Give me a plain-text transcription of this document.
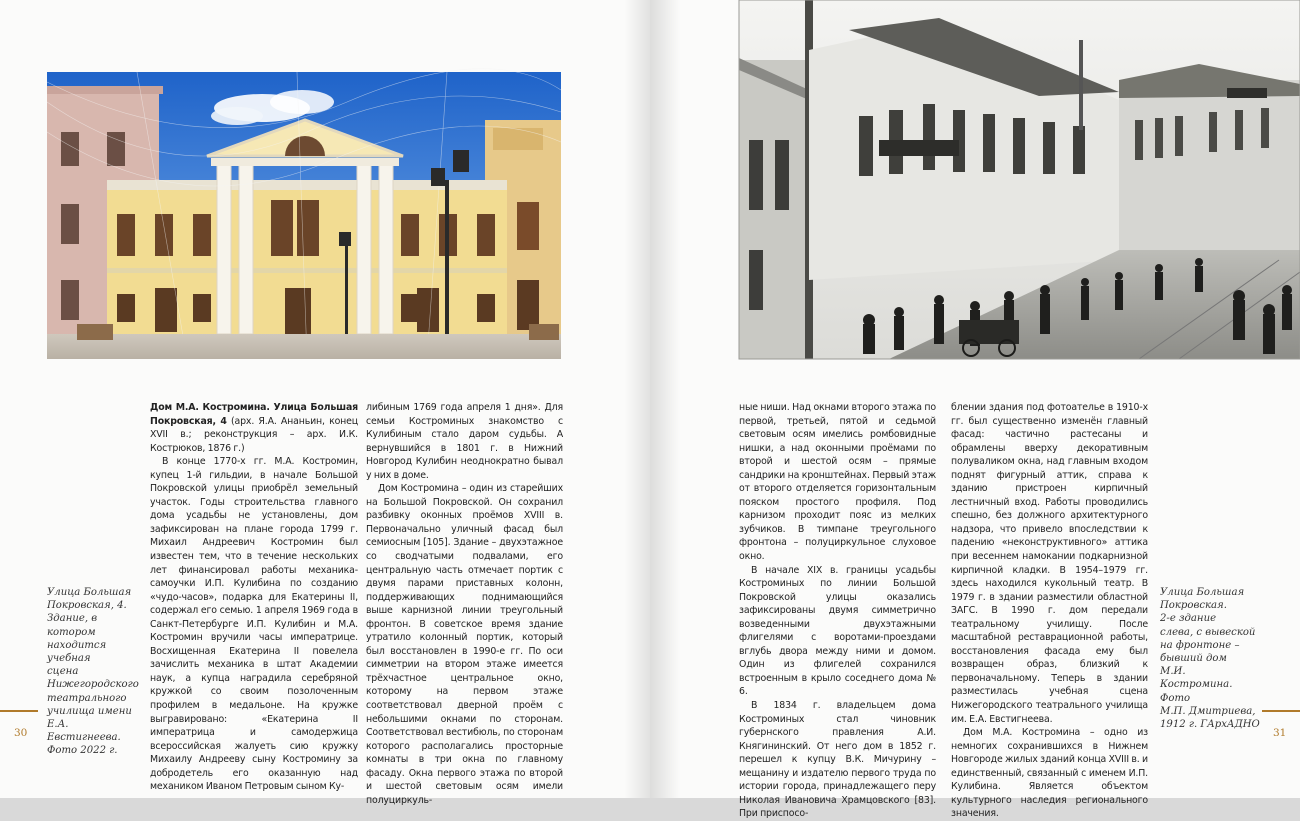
Улица Большая
Покровская, 4.
Здание, в котором
находится учебная
сцена
Нижегородского
театрального
училища имени
Е.А. Евстигнеева.
Фото 2022 г.

Дом М.А. Костромина. Улица Большая Покровская, 4 (арх. Я.А. Ананьин, конец XVII в.; реконструкция – арх. И.К. Кострюков, 1876 г.)

В конце 1770-х гг. М.А. Костромин, купец 1-й гильдии, в начале Большой Покровской улицы приобрёл земельный участок. Годы строительства главного дома усадьбы не установлены, дом зафиксирован на плане города 1799 г. Михаил Андреевич Костромин был известен тем, что в течение нескольких лет финансировал работы механика-самоучки И.П. Кулибина по созданию «чудо-часов», подарка для Екатерины II, содержал его семью. 1 апреля 1969 года в Санкт-Петербурге И.П. Кулибин и М.А. Костромин вручили часы императрице. Восхищенная Екатерина II повелела зачислить механика в штат Академии наук, а купца наградила серебряной кружкой со своим позолоченным профилем в медальоне. На кружке выгравировано: «Екатерина II императрица и самодержица всероссийская жалуеть сию кружку Михаилу Андрееву сыну Костромину за добродетель его оказанную над механиком Иваном Петровым сыном Ку-

либиным 1769 года апреля 1 дня». Для семьи Костроминых знакомство с Кулибиным стало даром судьбы. А вернувшийся в 1801 г. в Нижний Новгород Кулибин неоднократно бывал у них в доме.

Дом Костромина – один из старейших на Большой Покровской. Он сохранил разбивку оконных проёмов XVIII в. Первоначально уличный фасад был семиосным [105]. Здание – двухэтажное со сводчатыми подвалами, его центральную часть отмечает портик с двумя парами приставных колонн, поддерживающих поднимающийся выше карнизной линии треугольный фронтон. В советское время здание утратило колонный портик, который был восстановлен в 1990-е гг. По оси симметрии на втором этаже имеется трёхчастное центральное окно, которому на первом этаже соответствовал дверной проём с небольшими окнами по сторонам. Соответствовал вестибюль, по сторонам которого располагались просторные комнаты в три окна по главному фасаду. Окна первого этажа по второй и шестой световым осям имели полуциркуль-

30

ные ниши. Над окнами второго этажа по первой, третьей, пятой и седьмой световым осям имелись ромбовидные нишки, а над оконными проёмами по второй и шестой осям – прямые сандрики на кронштейнах. Первый этаж от второго отделяется горизонтальным пояском простого профиля. Под карнизом проходит пояс из мелких зубчиков. В тимпане треугольного фронтона – полуциркульное слуховое окно.

В начале XIX в. границы усадьбы Костроминых по линии Большой Покровской улицы оказались зафиксированы двумя симметрично возведенными двухэтажными флигелями с воротами-проездами вглубь двора между ними и домом. Один из флигелей сохранился встроенным в крыло соседнего дома № 6.

В 1834 г. владельцем дома Костроминых стал чиновник губернского правления А.И. Княгининский. От него дом в 1852 г. перешел к купцу В.К. Мичурину – мещанину и издателю первого труда по истории города, принадлежащего перу Николая Ивановича Храмцовского [83]. При приспосо-

блении здания под фотоателье в 1910-х гг. был существенно изменён главный фасад: частично растесаны и обрамлены вверху декоративным полуваликом окна, над главным входом поднят фигурный аттик, справа к зданию пристроен кирпичный лестничный вход. Работы проводились спешно, без должного архитектурного надзора, что привело впоследствии к падению «неконструктивного» аттика при весеннем намокании подкарнизной кирпичной кладки. В 1954–1979 гг. здесь находился кукольный театр. В 1979 г. в здании разместили областной ЗАГС. В 1990 г. дом передали театральному училищу. После масштабной реставрационной работы, восстановления фасада ему был возвращен образ, близкий к первоначальному. Теперь в здании разместилась учебная сцена Нижегородского театрального училища им. Е.А. Евстигнеева.

Дом М.А. Костромина – одно из немногих сохранившихся в Нижнем Новгороде жилых зданий конца XVIII в. и единственный, связанный с именем И.П. Кулибина. Является объектом культурного наследия регионального значения.

Улица Большая
Покровская.
2-е здание
слева, с вывеской
на фронтоне –
бывший дом
М.И. Костромина.
Фото
М.П. Дмитриева,
1912 г. ГАрхАДНО
31
